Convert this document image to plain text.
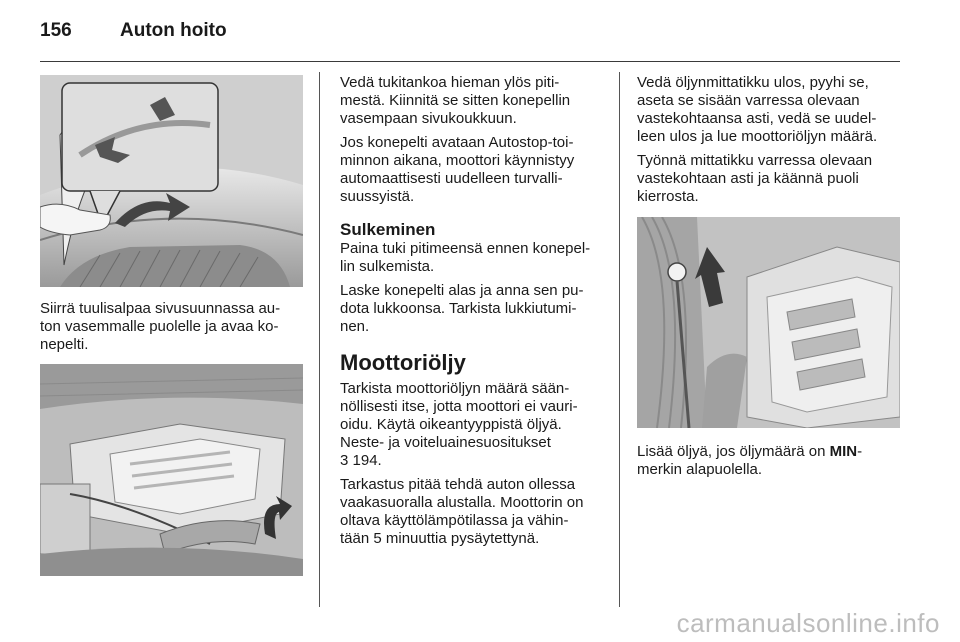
156	Auton hoito

Siirrä tuulisalpaa sivusuunnassa au-
ton vasemmalle puolelle ja avaa ko-
nepelti.

Vedä tukitankoa hieman ylös piti-
mestä. Kiinnitä se sitten konepellin
vasempaan sivukoukkuun.

Jos konepelti avataan Autostop-toi-
minnon aikana, moottori käynnistyy
automaattisesti uudelleen turvalli-
suussyistä.

Sulkeminen

Paina tuki pitimeensä ennen konepel-
lin sulkemista.

Laske konepelti alas ja anna sen pu-
dota lukkoonsa. Tarkista lukkiutumi-
nen.

Moottoriöljy

Tarkista moottoriöljyn määrä sään-
nöllisesti itse, jotta moottori ei vauri-
oidu. Käytä oikeantyyppistä öljyä.
Neste- ja voiteluainesuositukset
3 194.

Tarkastus pitää tehdä auton ollessa
vaakasuoralla alustalla. Moottorin on
oltava käyttölämpötilassa ja vähin-
tään 5 minuuttia pysäytettynä.

Vedä öljynmittatikku ulos, pyyhi se,
aseta se sisään varressa olevaan
vastekohtaansa asti, vedä se uudel-
leen ulos ja lue moottoriöljyn määrä.

Työnnä mittatikku varressa olevaan
vastekohtaan asti ja käännä puoli
kierrosta.

Lisää öljyä, jos öljymäärä on MIN-
merkin alapuolella.

carmanualsonline.info
